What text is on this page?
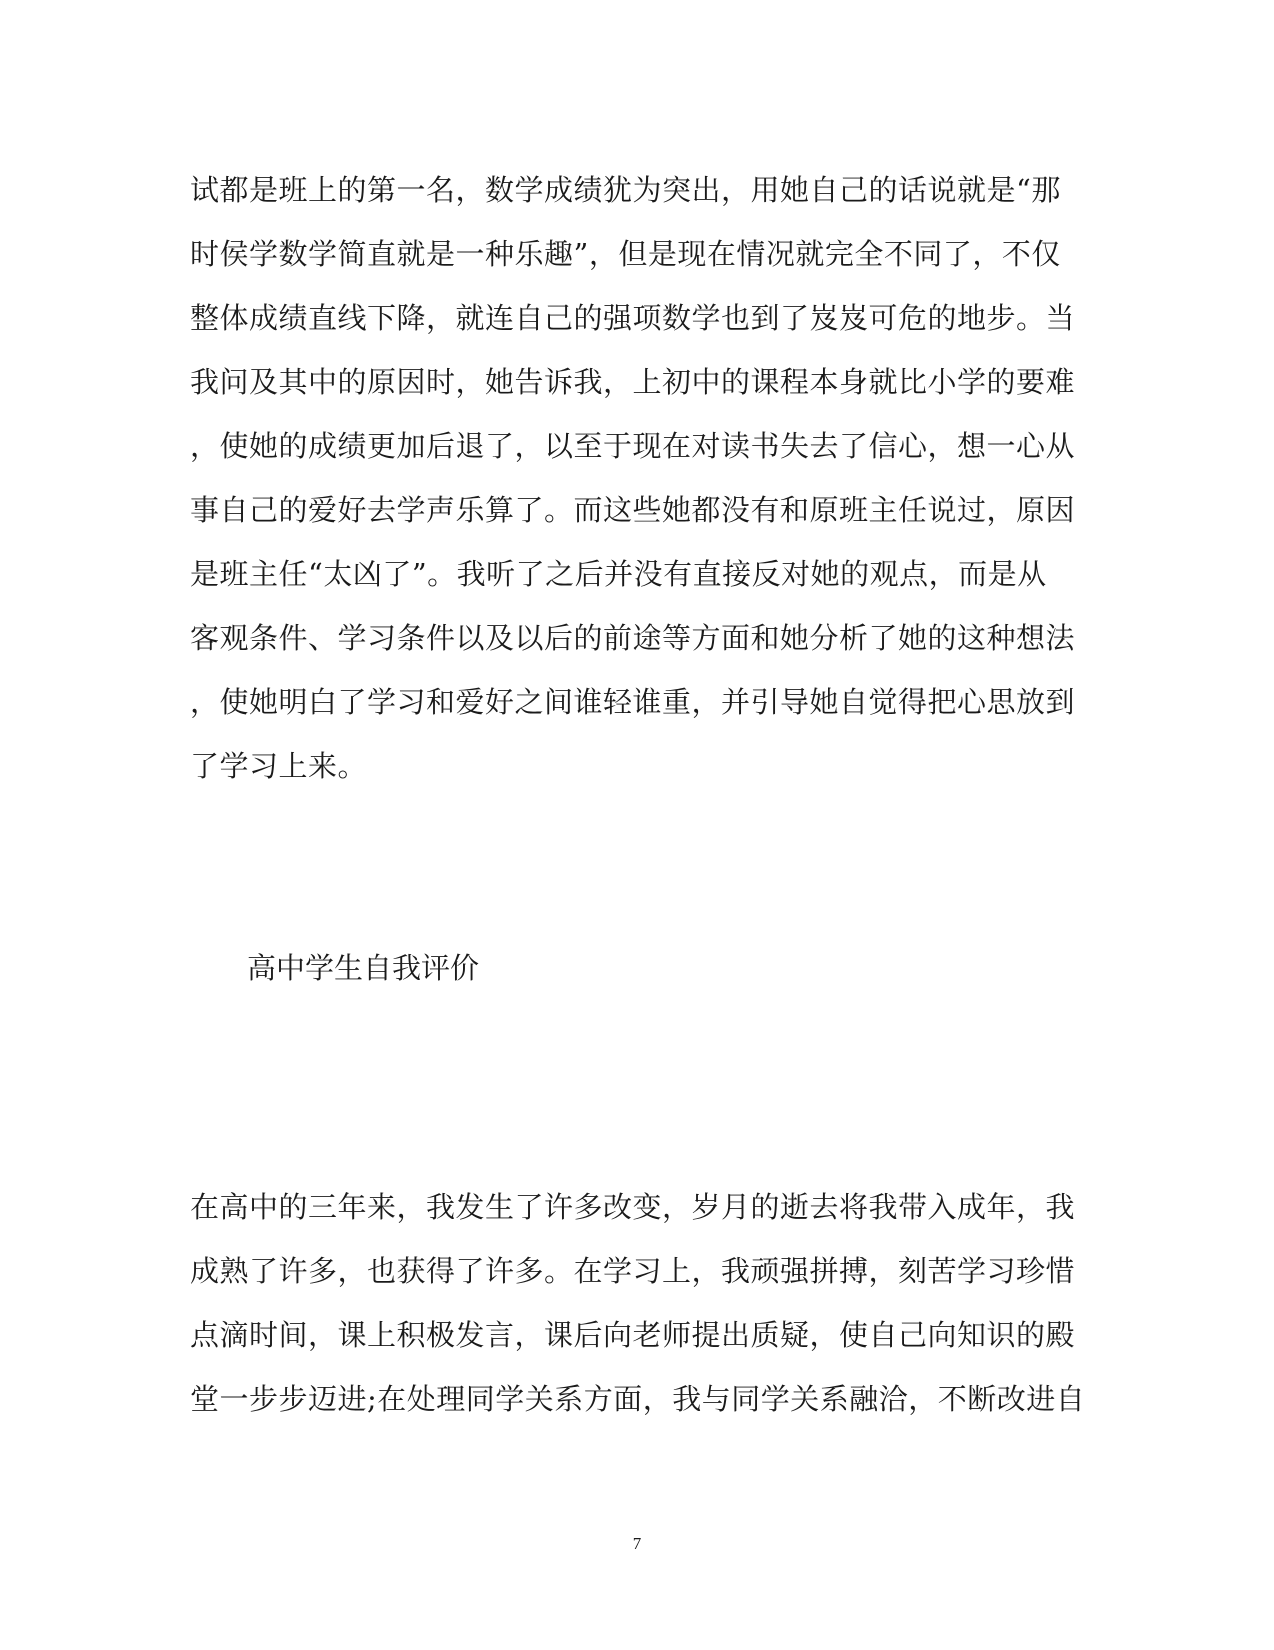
试都是班上的第一名，数学成绩犹为突出，用她自己的话说就是“那
时侯学数学简直就是一种乐趣”，但是现在情况就完全不同了，不仅
整体成绩直线下降，就连自己的强项数学也到了岌岌可危的地步。当
我问及其中的原因时，她告诉我，上初中的课程本身就比小学的要难
，使她的成绩更加后退了，以至于现在对读书失去了信心，想一心从
事自己的爱好去学声乐算了。而这些她都没有和原班主任说过，原因
是班主任“太凶了”。我听了之后并没有直接反对她的观点，而是从
客观条件、学习条件以及以后的前途等方面和她分析了她的这种想法
，使她明白了学习和爱好之间谁轻谁重，并引导她自觉得把心思放到
了学习上来。
高中学生自我评价
在高中的三年来，我发生了许多改变，岁月的逝去将我带入成年，我
成熟了许多，也获得了许多。在学习上，我顽强拼搏，刻苦学习珍惜
点滴时间，课上积极发言，课后向老师提出质疑，使自己向知识的殿
堂一步步迈进;在处理同学关系方面，我与同学关系融洽，不断改进自
7
